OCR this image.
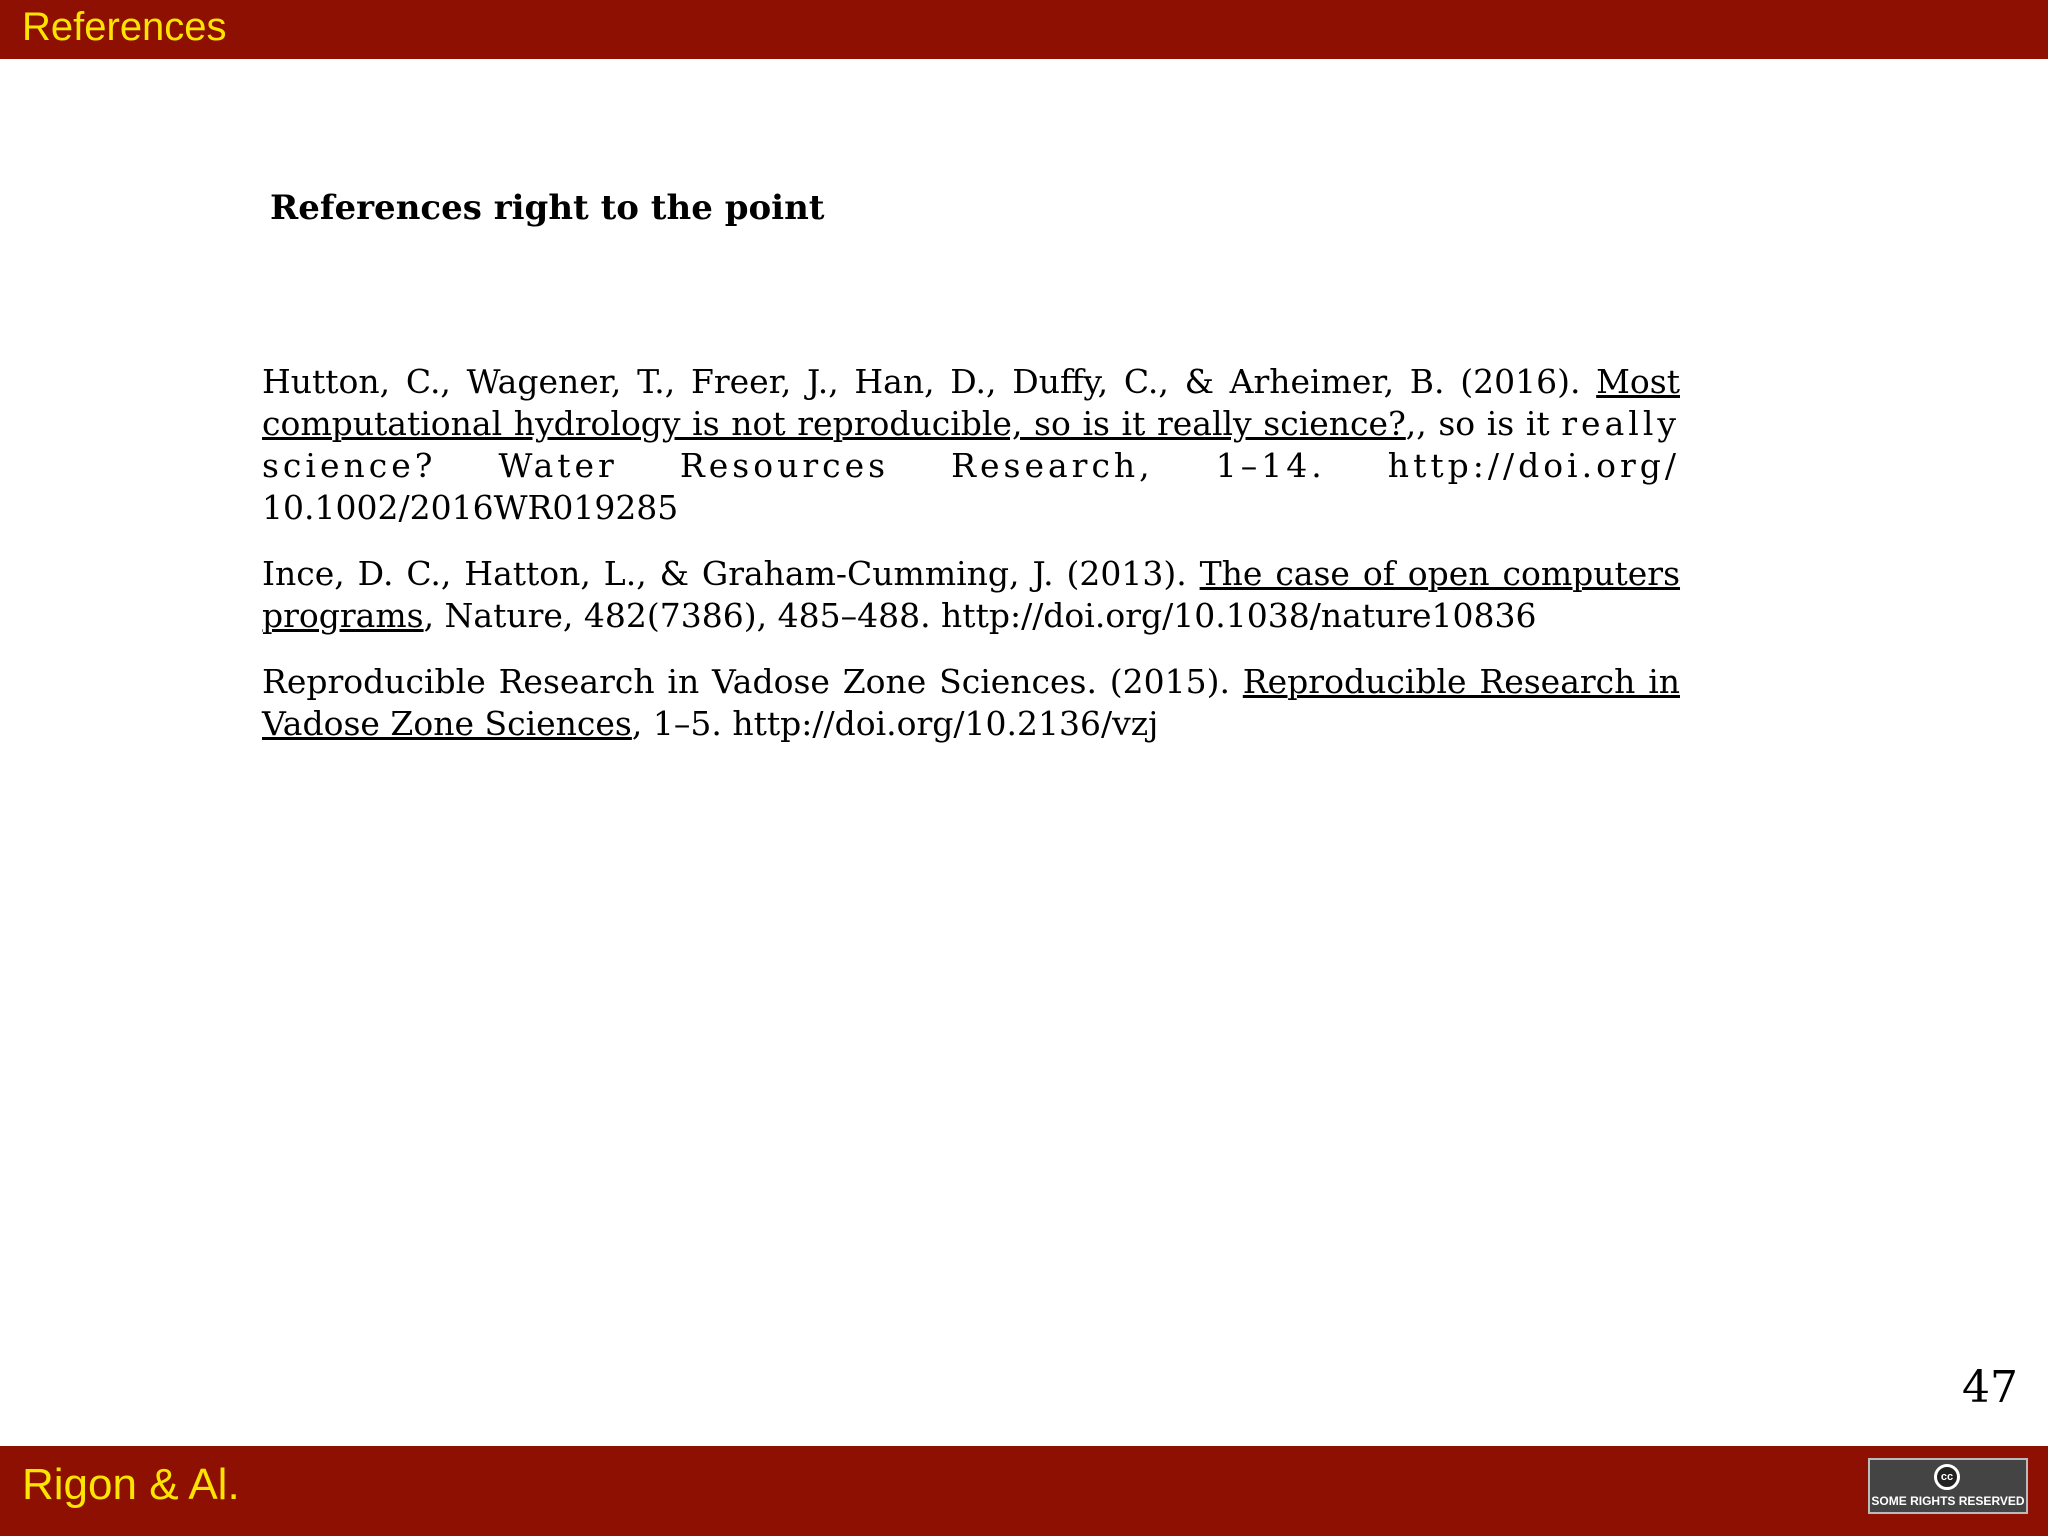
References
References right to the point

Hutton, C., Wagener, T., Freer, J., Han, D., Duffy, C., & Arheimer, B. (2016). Most computational hydrology is not reproducible, so is it really science?,, so is it really science? Water Resources Research, 1–14. http://doi.org/ 10.1002/2016WR019285

Ince, D. C., Hatton, L., & Graham-Cumming, J. (2013). The case of open computers programs, Nature, 482(7386), 485–488. http://doi.org/10.1038/nature10836

Reproducible Research in Vadose Zone Sciences. (2015). Reproducible Research in Vadose Zone Sciences, 1–5. http://doi.org/10.2136/vzj

47
Rigon & Al.	cc
SOME RIGHTS RESERVED
